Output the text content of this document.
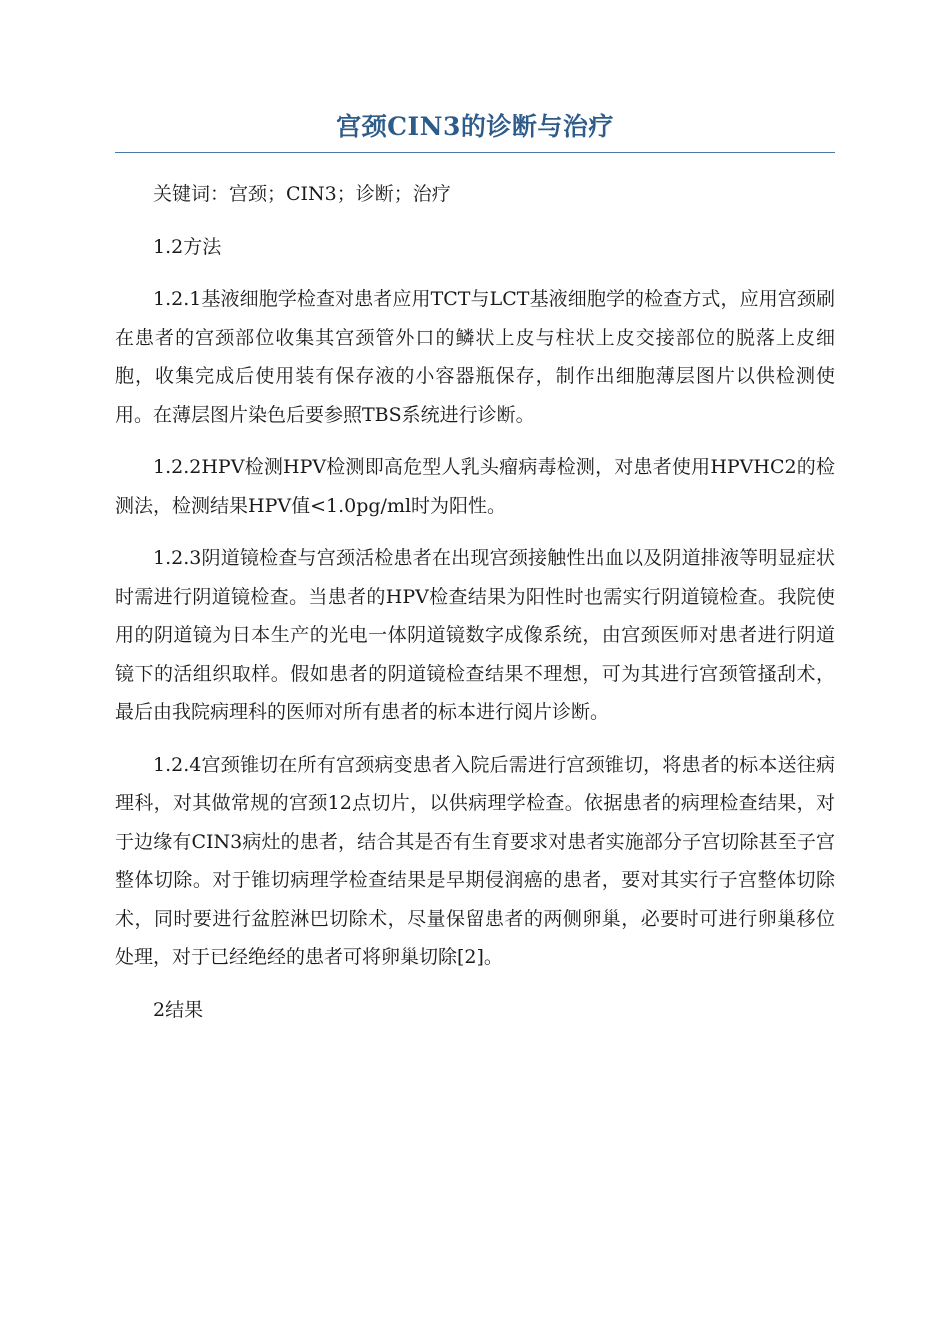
宫颈CIN3的诊断与治疗

关键词：宫颈；CIN3；诊断；治疗

1.2方法

1.2.1基液细胞学检查对患者应用TCT与LCT基液细胞学的检查方式，应用宫颈刷在患者的宫颈部位收集其宫颈管外口的鳞状上皮与柱状上皮交接部位的脱落上皮细胞，收集完成后使用装有保存液的小容器瓶保存，制作出细胞薄层图片以供检测使用。在薄层图片染色后要参照TBS系统进行诊断。

1.2.2HPV检测HPV检测即高危型人乳头瘤病毒检测，对患者使用HPVHC2的检测法，检测结果HPV值<1.0pg/ml时为阳性。

1.2.3阴道镜检查与宫颈活检患者在出现宫颈接触性出血以及阴道排液等明显症状时需进行阴道镜检查。当患者的HPV检查结果为阳性时也需实行阴道镜检查。我院使用的阴道镜为日本生产的光电一体阴道镜数字成像系统，由宫颈医师对患者进行阴道镜下的活组织取样。假如患者的阴道镜检查结果不理想，可为其进行宫颈管搔刮术，最后由我院病理科的医师对所有患者的标本进行阅片诊断。

1.2.4宫颈锥切在所有宫颈病变患者入院后需进行宫颈锥切，将患者的标本送往病理科，对其做常规的宫颈12点切片，以供病理学检查。依据患者的病理检查结果，对于边缘有CIN3病灶的患者，结合其是否有生育要求对患者实施部分子宫切除甚至子宫整体切除。对于锥切病理学检查结果是早期侵润癌的患者，要对其实行子宫整体切除术，同时要进行盆腔淋巴切除术，尽量保留患者的两侧卵巢，必要时可进行卵巢移位处理，对于已经绝经的患者可将卵巢切除[2]。

2结果
